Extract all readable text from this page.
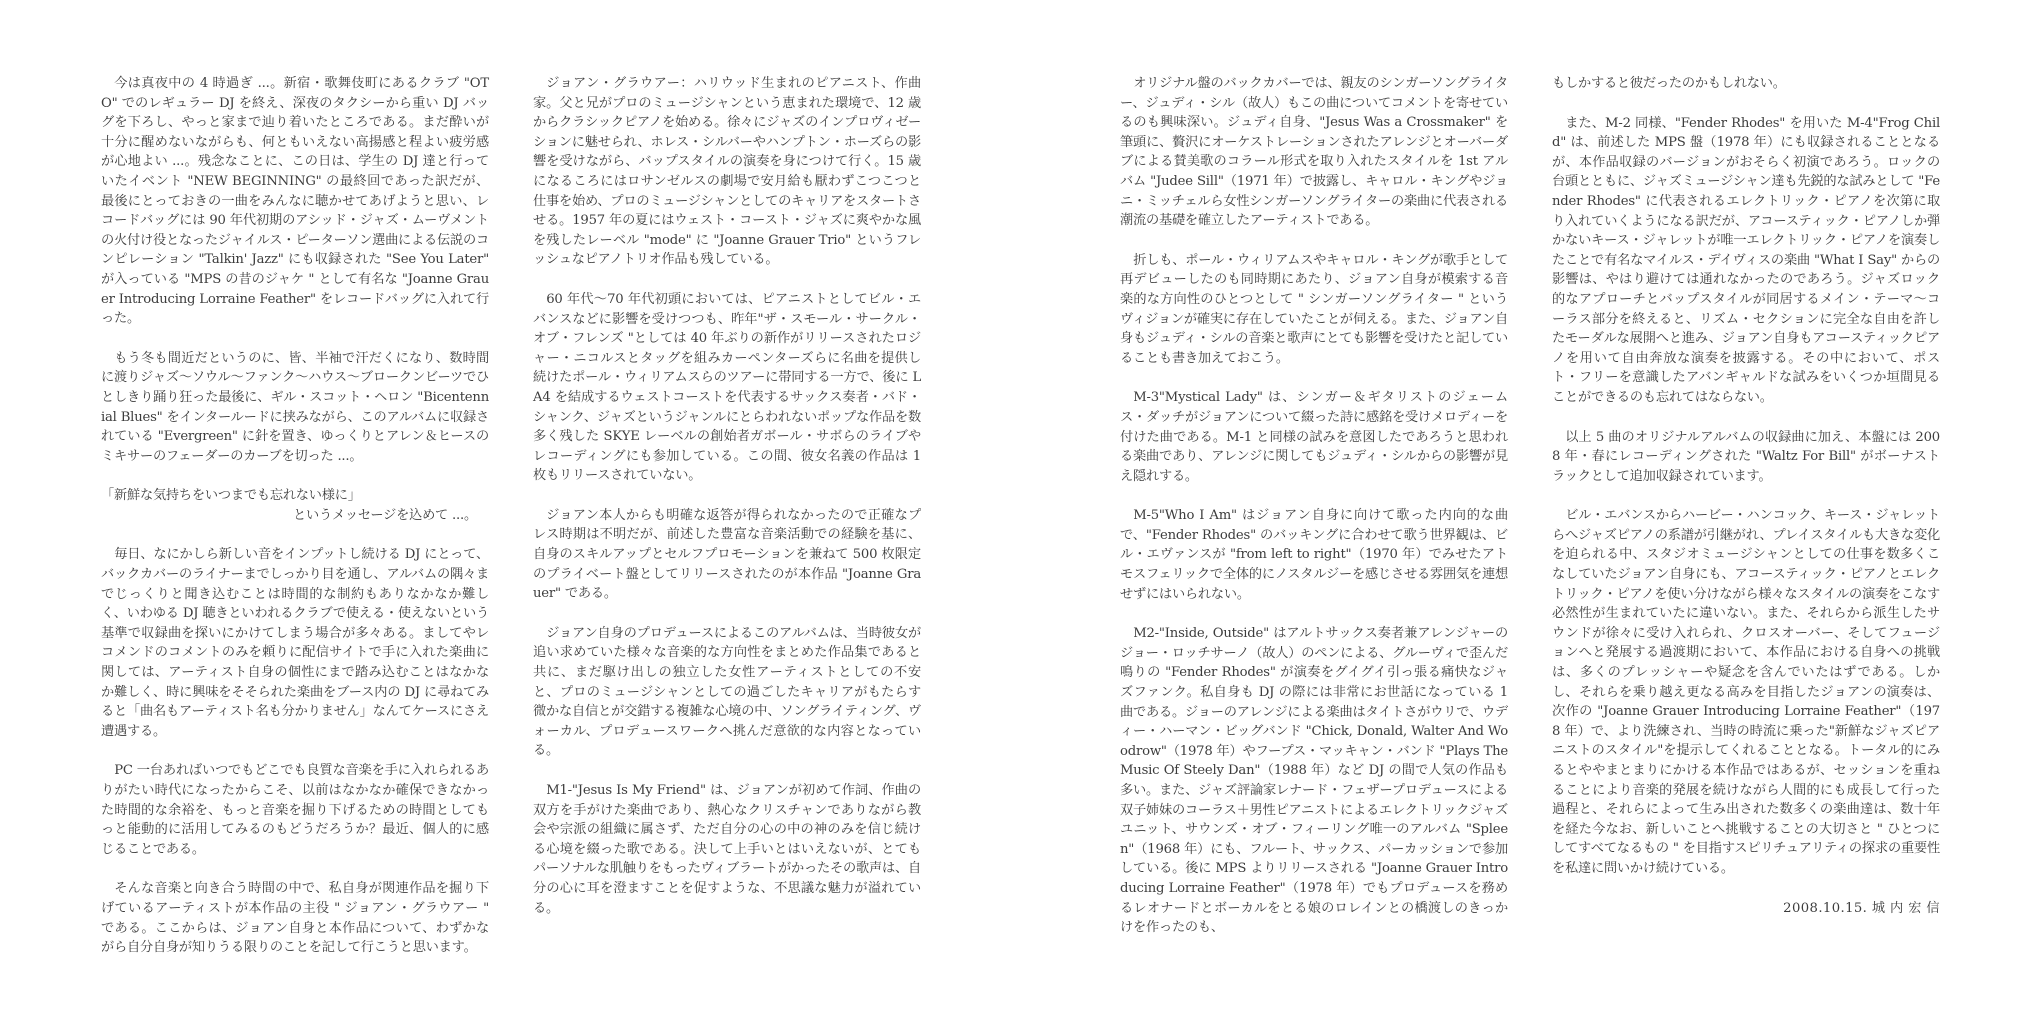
今は真夜中の 4 時過ぎ ...。新宿・歌舞伎町にあるクラブ "OTO" でのレギュラー DJ を終え、深夜のタクシーから重い DJ バッグを下ろし、やっと家まで辿り着いたところである。まだ酔いが十分に醒めないながらも、何ともいえない高揚感と程よい疲労感が心地よい ...。残念なことに、この日は、学生の DJ 達と行っていたイベント "NEW BEGINNING" の最終回であった訳だが、最後にとっておきの一曲をみんなに聴かせてあげようと思い、レコードバッグには 90 年代初期のアシッド・ジャズ・ムーヴメントの火付け役となったジャイルス・ピーターソン選曲による伝説のコンピレーション "Talkin' Jazz" にも収録された "See You Later" が入っている "MPS の昔のジャケ " として有名な "Joanne Grauer Introducing Lorraine Feather" をレコードバッグに入れて行った。

もう冬も間近だというのに、皆、半袖で汗だくになり、数時間に渡りジャズ〜ソウル〜ファンク〜ハウス〜ブロークンビーツでひとしきり踊り狂った最後に、ギル・スコット・ヘロン "Bicentennial Blues" をインタールードに挟みながら、このアルバムに収録されている "Evergreen" に針を置き、ゆっくりとアレン＆ヒースのミキサーのフェーダーのカーブを切った ...。

「新鮮な気持ちをいつまでも忘れない様に」
というメッセージを込めて ...。

毎日、なにかしら新しい音をインプットし続ける DJ にとって、バックカバーのライナーまでしっかり目を通し、アルバムの隅々までじっくりと聞き込むことは時間的な制約もありなかなか難しく、いわゆる DJ 聴きといわれるクラブで使える・使えないという基準で収録曲を探いにかけてしまう場合が多々ある。ましてやレコメンドのコメントのみを頼りに配信サイトで手に入れた楽曲に関しては、アーティスト自身の個性にまで踏み込むことはなかなか難しく、時に興味をそそられた楽曲をブース内の DJ に尋ねてみると「曲名もアーティスト名も分かりません」なんてケースにさえ遭遇する。

PC 一台あればいつでもどこでも良質な音楽を手に入れられるありがたい時代になったからこそ、以前はなかなか確保できなかった時間的な余裕を、もっと音楽を掘り下げるための時間としてもっと能動的に活用してみるのもどうだろうか？最近、個人的に感じることである。

そんな音楽と向き合う時間の中で、私自身が関連作品を掘り下げているアーティストが本作品の主役 " ジョアン・グラウアー " である。ここからは、ジョアン自身と本作品について、わずかながら自分自身が知りうる限りのことを記して行こうと思います。

ジョアン・グラウアー：ハリウッド生まれのピアニスト、作曲家。父と兄がプロのミュージシャンという恵まれた環境で、12 歳からクラシックピアノを始める。徐々にジャズのインプロヴィゼーションに魅せられ、ホレス・シルバーやハンプトン・ホーズらの影響を受けながら、バップスタイルの演奏を身につけて行く。15 歳になるころにはロサンゼルスの劇場で安月給も厭わずこつこつと仕事を始め、プロのミュージシャンとしてのキャリアをスタートさせる。1957 年の夏にはウェスト・コースト・ジャズに爽やかな風を残したレーベル "mode" に "Joanne Grauer Trio" というフレッシュなピアノトリオ作品も残している。

60 年代〜70 年代初頭においては、ピアニストとしてビル・エバンスなどに影響を受けつつも、昨年"ザ・スモール・サークル・オブ・フレンズ "としては 40 年ぶりの新作がリリースされたロジャー・ニコルスとタッグを組みカーペンターズらに名曲を提供し続けたポール・ウィリアムスらのツアーに帯同する一方で、後に LA4 を結成するウェストコーストを代表するサックス奏者・バド・シャンク、ジャズというジャンルにとらわれないポップな作品を数多く残した SKYE レーベルの創始者ガボール・サボらのライブやレコーディングにも参加している。この間、彼女名義の作品は 1 枚もリリースされていない。

ジョアン本人からも明確な返答が得られなかったので正確なプレス時期は不明だが、前述した豊富な音楽活動での経験を基に、自身のスキルアップとセルフプロモーションを兼ねて 500 枚限定のプライベート盤としてリリースされたのが本作品 "Joanne Grauer" である。

ジョアン自身のプロデュースによるこのアルバムは、当時彼女が追い求めていた様々な音楽的な方向性をまとめた作品集であると共に、まだ駆け出しの独立した女性アーティストとしての不安と、プロのミュージシャンとしての過ごしたキャリアがもたらす微かな自信とが交錯する複雑な心境の中、ソングライティング、ヴォーカル、プロデュースワークへ挑んだ意欲的な内容となっている。

M1-"Jesus Is My Friend" は、ジョアンが初めて作詞、作曲の双方を手がけた楽曲であり、熱心なクリスチャンでありながら教会や宗派の組織に属さず、ただ自分の心の中の神のみを信じ続ける心境を綴った歌である。決して上手いとはいえないが、とてもパーソナルな肌触りをもったヴィブラートがかったその歌声は、自分の心に耳を澄ますことを促すような、不思議な魅力が溢れている。

オリジナル盤のバックカバーでは、親友のシンガーソングライター、ジュディ・シル（故人）もこの曲についてコメントを寄せているのも興味深い。ジュディ自身、"Jesus Was a Crossmaker" を筆頭に、贅沢にオーケストレーションされたアレンジとオーバーダブによる賛美歌のコラール形式を取り入れたスタイルを 1st アルバム "Judee Sill"（1971 年）で披露し、キャロル・キングやジョニ・ミッチェルら女性シンガーソングライターの楽曲に代表される潮流の基礎を確立したアーティストである。

折しも、ポール・ウィリアムスやキャロル・キングが歌手として再デビューしたのも同時期にあたり、ジョアン自身が模索する音楽的な方向性のひとつとして " シンガーソングライター " というヴィジョンが確実に存在していたことが伺える。また、ジョアン自身もジュディ・シルの音楽と歌声にとても影響を受けたと記していることも書き加えておこう。

M-3"Mystical Lady" は、シンガー＆ギタリストのジェームス・ダッチがジョアンについて綴った詩に感銘を受けメロディーを付けた曲である。M-1 と同様の試みを意図したであろうと思われる楽曲であり、アレンジに関してもジュディ・シルからの影響が見え隠れする。

M-5"Who I Am" はジョアン自身に向けて歌った内向的な曲で、"Fender Rhodes" のバッキングに合わせて歌う世界観は、ビル・エヴァンスが "from left to right"（1970 年）でみせたアトモスフェリックで全体的にノスタルジーを感じさせる雰囲気を連想せずにはいられない。

M2-"Inside, Outside" はアルトサックス奏者兼アレンジャーのジョー・ロッチサーノ（故人）のペンによる、グルーヴィで歪んだ鳴りの "Fender Rhodes" が演奏をグイグイ引っ張る痛快なジャズファンク。私自身も DJ の際には非常にお世話になっている 1 曲である。ジョーのアレンジによる楽曲はタイトさがウリで、ウディー・ハーマン・ビッグバンド "Chick, Donald, Walter And Woodrow"（1978 年）やフープス・マッキャン・バンド "Plays The Music Of Steely Dan"（1988 年）など DJ の間で人気の作品も多い。また、ジャズ評論家レナード・フェザープロデュースによる双子姉妹のコーラス＋男性ピアニストによるエレクトリックジャズユニット、サウンズ・オブ・フィーリング唯一のアルバム "Spleen"（1968 年）にも、フルート、サックス、パーカッションで参加している。後に MPS よりリリースされる "Joanne Grauer Introducing Lorraine Feather"（1978 年）でもプロデュースを務めるレオナードとボーカルをとる娘のロレインとの橋渡しのきっかけを作ったのも、

もしかすると彼だったのかもしれない。

また、M-2 同様、"Fender Rhodes" を用いた M-4"Frog Child" は、前述した MPS 盤（1978 年）にも収録されることとなるが、本作品収録のバージョンがおそらく初演であろう。ロックの台頭とともに、ジャズミュージシャン達も先鋭的な試みとして "Fender Rhodes" に代表されるエレクトリック・ピアノを次第に取り入れていくようになる訳だが、アコースティック・ピアノしか弾かないキース・ジャレットが唯一エレクトリック・ピアノを演奏したことで有名なマイルス・デイヴィスの楽曲 "What I Say" からの影響は、やはり避けては通れなかったのであろう。ジャズロック的なアプローチとバップスタイルが同居するメイン・テーマ〜コーラス部分を終えると、リズム・セクションに完全な自由を許したモーダルな展開へと進み、ジョアン自身もアコースティックピアノを用いて自由奔放な演奏を披露する。その中において、ポスト・フリーを意識したアバンギャルドな試みをいくつか垣間見ることができるのも忘れてはならない。

以上 5 曲のオリジナルアルバムの収録曲に加え、本盤には 2008 年・春にレコーディングされた "Waltz For Bill" がボーナストラックとして追加収録されています。

ビル・エバンスからハービー・ハンコック、キース・ジャレットらへジャズピアノの系譜が引継がれ、プレイスタイルも大きな変化を迫られる中、スタジオミュージシャンとしての仕事を数多くこなしていたジョアン自身にも、アコースティック・ピアノとエレクトリック・ピアノを使い分けながら様々なスタイルの演奏をこなす必然性が生まれていたに違いない。また、それらから派生したサウンドが徐々に受け入れられ、クロスオーバー、そしてフュージョンへと発展する過渡期において、本作品における自身への挑戦は、多くのプレッシャーや疑念を含んでいたはずである。しかし、それらを乗り越え更なる高みを目指したジョアンの演奏は、次作の "Joanne Grauer Introducing Lorraine Feather"（1978 年）で、より洗練され、当時の時流に乗った"新鮮なジャズピアニストのスタイル"を提示してくれることとなる。トータル的にみるとややまとまりにかける本作品ではあるが、セッションを重ねることにより音楽的発展を続けながら人間的にも成長して行った過程と、それらによって生み出された数多くの楽曲達は、数十年を経た今なお、新しいことへ挑戦することの大切さと " ひとつにしてすべてなるもの " を目指すスピリチュアリティの探求の重要性を私達に問いかけ続けている。

2008.10.15. 城 内 宏 信
